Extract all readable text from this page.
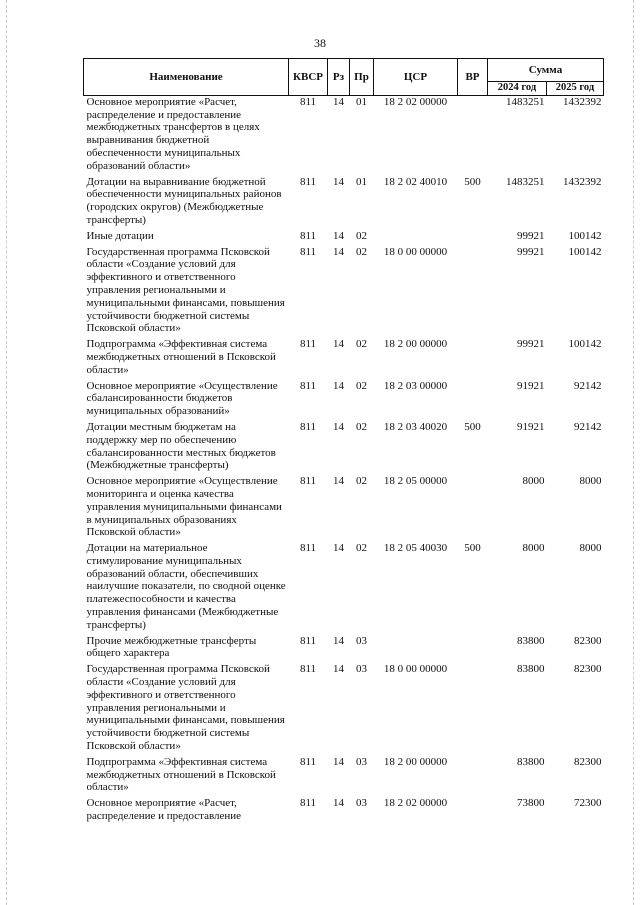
38
Наименование	КВСР	Рз	Пр	ЦСР	ВР	Сумма	
						2024 год	2025 год
Основное мероприятие «Расчет, распределение и предоставление межбюджетных трансфертов в целях выравнивания бюджетной обеспеченности муниципальных образований области»	811	14	01	18 2 02 00000		1483251	1432392
Дотации на выравнивание бюджетной обеспеченности муниципальных районов (городских округов) (Межбюджетные трансферты)	811	14	01	18 2 02 40010	500	1483251	1432392
Иные дотации	811	14	02			99921	100142
Государственная программа Псковской области «Создание условий для эффективного и ответственного управления региональными и муниципальными финансами, повышения устойчивости бюджетной системы Псковской области»	811	14	02	18 0 00 00000		99921	100142
Подпрограмма «Эффективная система межбюджетных отношений в Псковской области»	811	14	02	18 2 00 00000		99921	100142
Основное мероприятие «Осуществление сбалансированности бюджетов муниципальных образований»	811	14	02	18 2 03 00000		91921	92142
Дотации местным бюджетам на поддержку мер по обеспечению сбалансированности местных бюджетов (Межбюджетные трансферты)	811	14	02	18 2 03 40020	500	91921	92142
Основное мероприятие «Осуществление мониторинга и оценка качества управления муниципальными финансами в муниципальных образованиях Псковской области»	811	14	02	18 2 05 00000		8000	8000
Дотации на материальное стимулирование муниципальных образований области, обеспечивших наилучшие показатели, по сводной оценке платежеспособности и качества управления финансами (Межбюджетные трансферты)	811	14	02	18 2 05 40030	500	8000	8000
Прочие межбюджетные трансферты общего характера	811	14	03			83800	82300
Государственная программа Псковской области «Создание условий для эффективного и ответственного управления региональными и муниципальными финансами, повышения устойчивости бюджетной системы Псковской области»	811	14	03	18 0 00 00000		83800	82300
Подпрограмма «Эффективная система межбюджетных отношений в Псковской области»	811	14	03	18 2 00 00000		83800	82300
Основное мероприятие «Расчет, распределение и предоставление	811	14	03	18 2 02 00000		73800	72300
